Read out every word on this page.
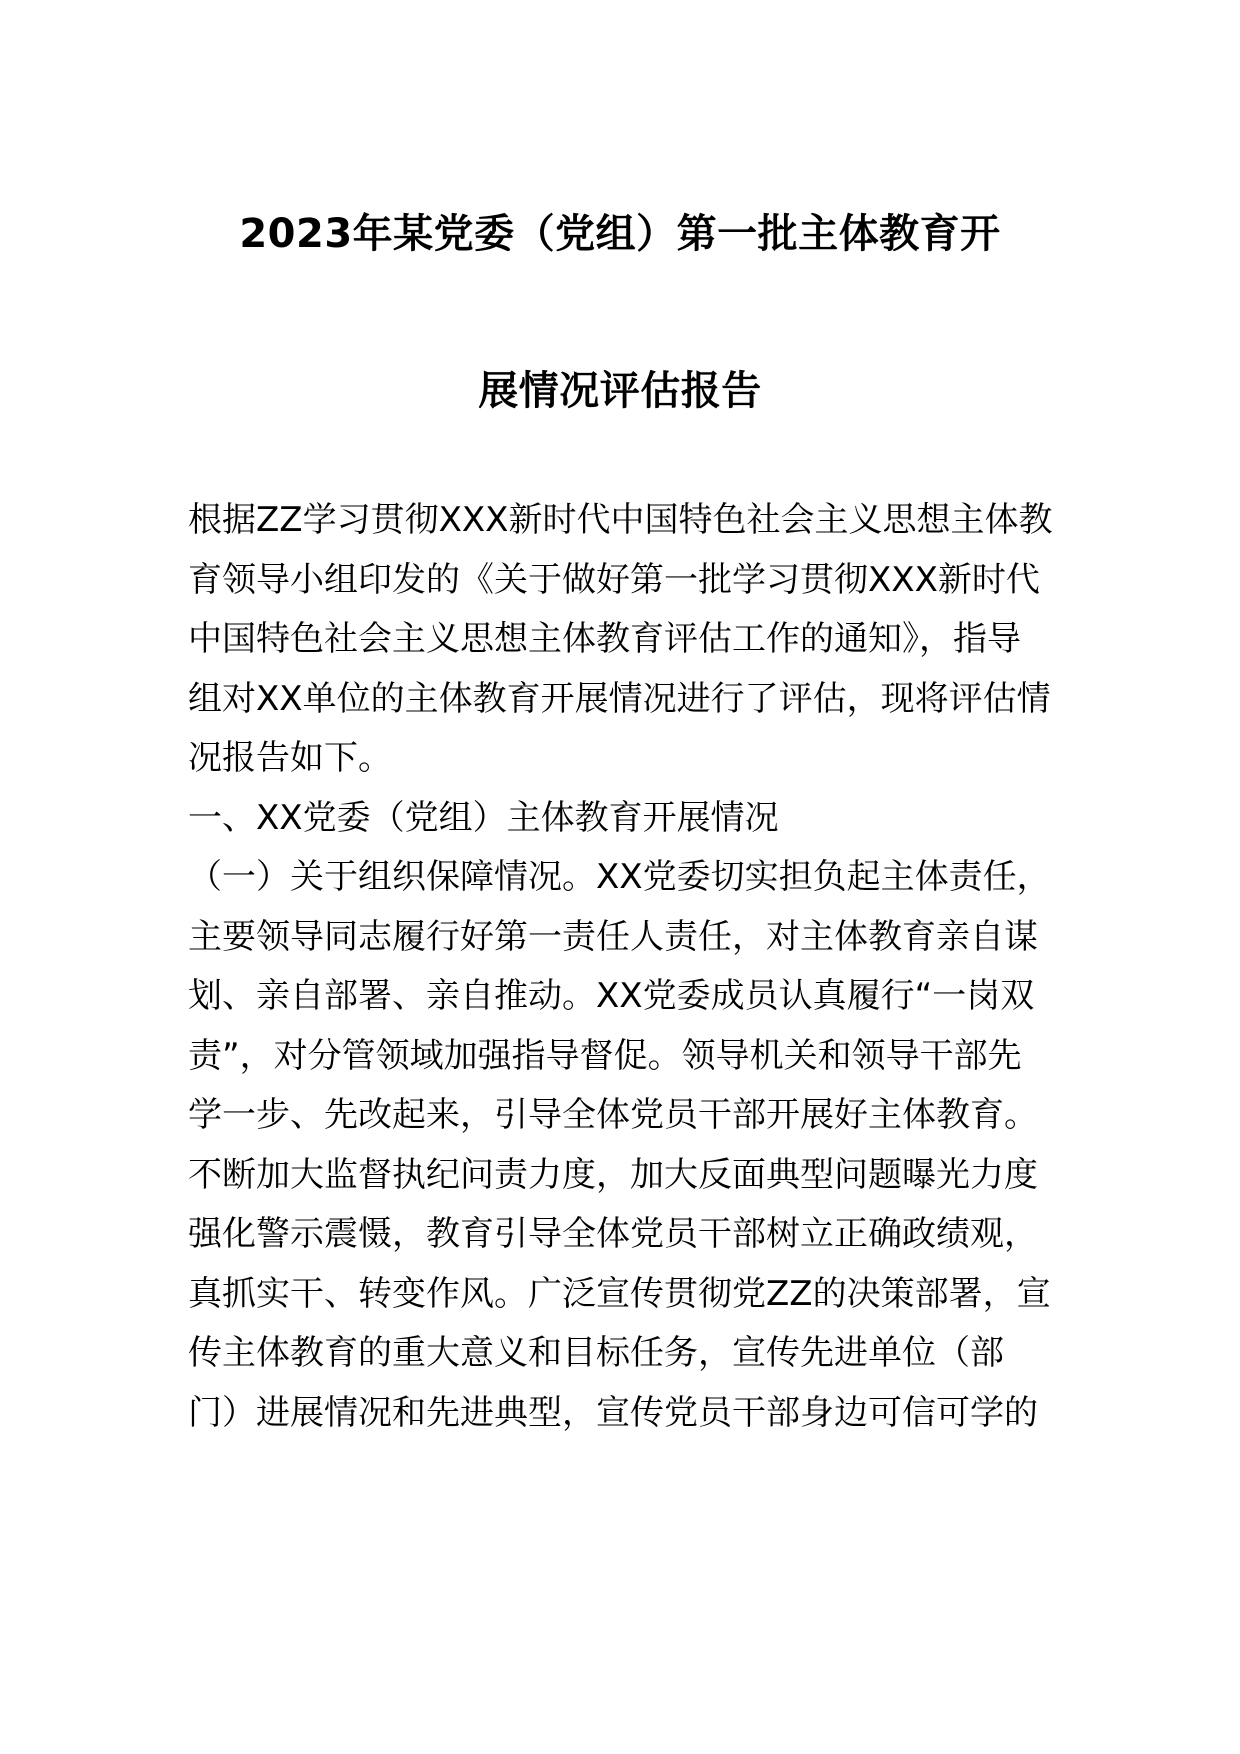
2023年某党委（党组）第一批主体教育开
展情况评估报告
根据ZZ学习贯彻XXX新时代中国特色社会主义思想主体教
育领导小组印发的《关于做好第一批学习贯彻XXX新时代
中国特色社会主义思想主体教育评估工作的通知》，指导
组对XX单位的主体教育开展情况进行了评估，现将评估情
况报告如下。
一、XX党委（党组）主体教育开展情况
（一）关于组织保障情况。XX党委切实担负起主体责任，
主要领导同志履行好第一责任人责任，对主体教育亲自谋
划、亲自部署、亲自推动。XX党委成员认真履行“一岗双
责”，对分管领域加强指导督促。领导机关和领导干部先
学一步、先改起来，引导全体党员干部开展好主体教育。
不断加大监督执纪问责力度，加大反面典型问题曝光力度
强化警示震慑，教育引导全体党员干部树立正确政绩观，
真抓实干、转变作风。广泛宣传贯彻党ZZ的决策部署，宣
传主体教育的重大意义和目标任务，宣传先进单位（部
门）进展情况和先进典型，宣传党员干部身边可信可学的
